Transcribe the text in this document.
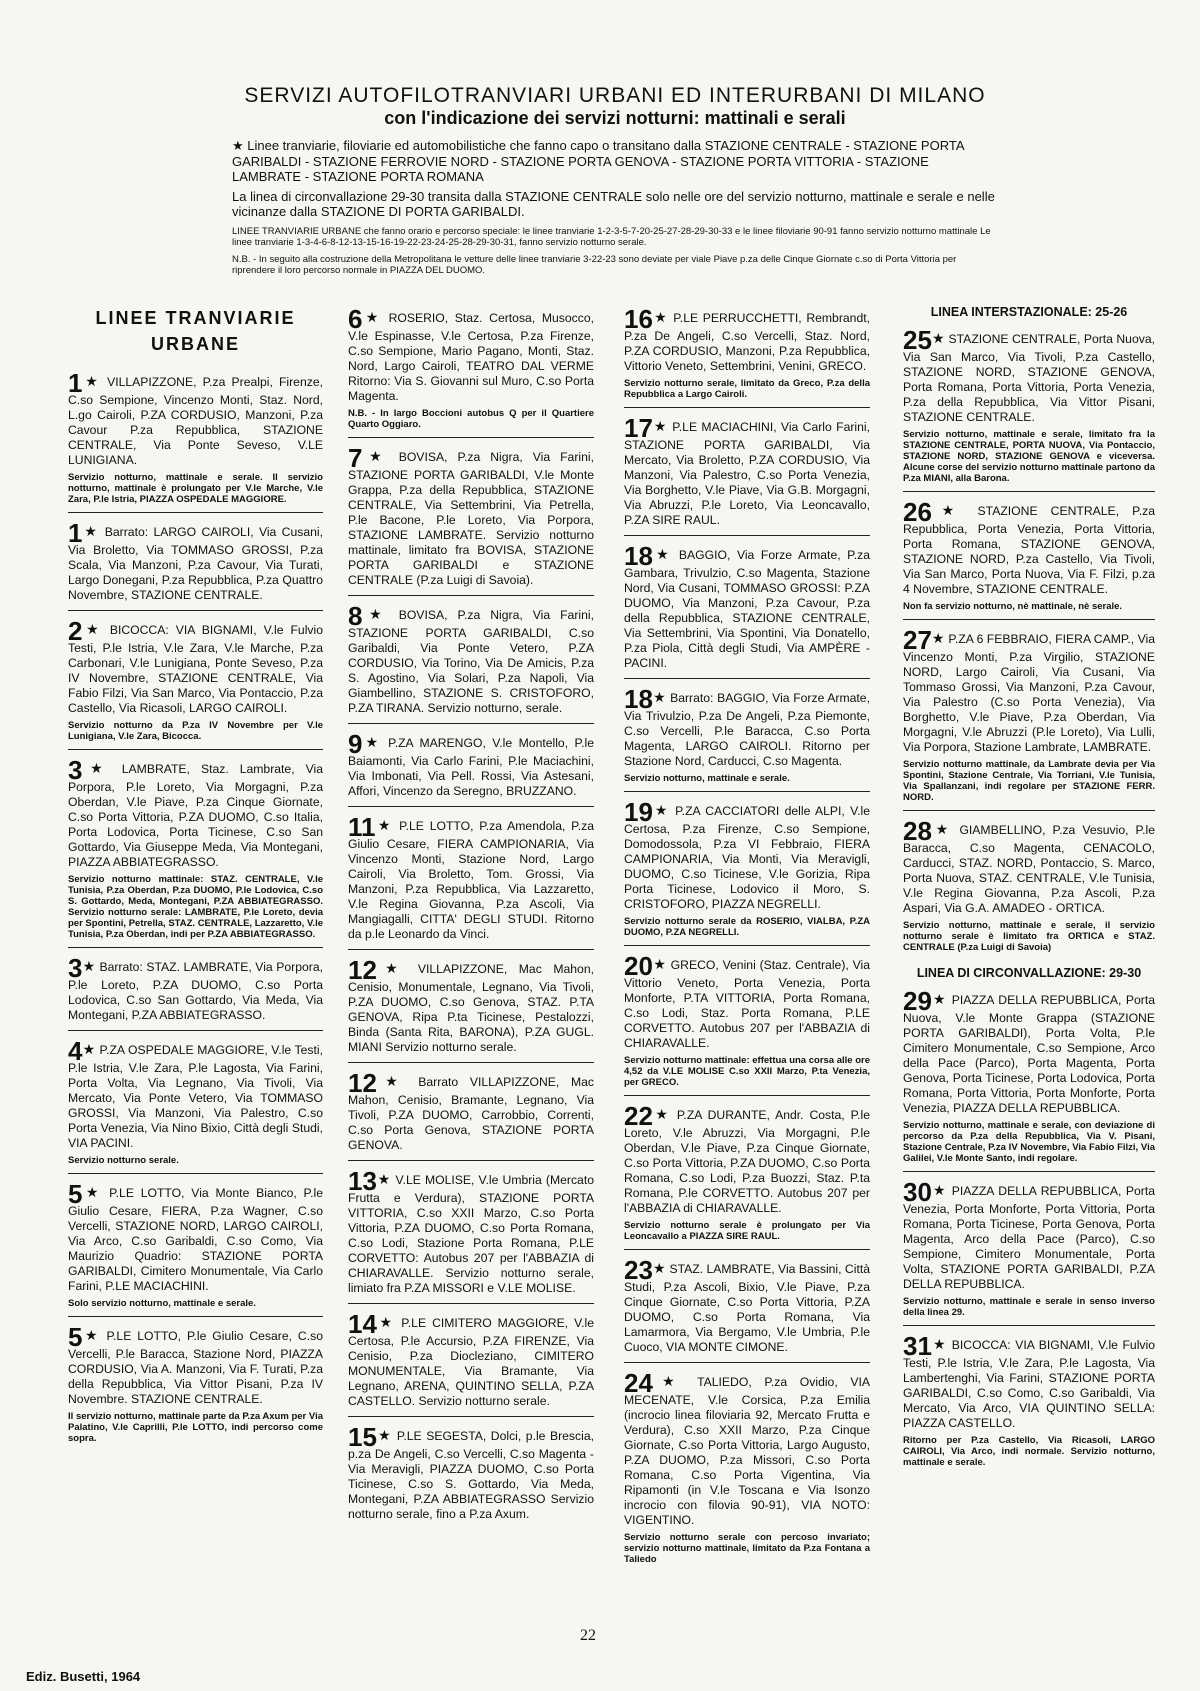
SERVIZI AUTOFILOTRANVIARI URBANI ED INTERURBANI DI MILANO
con l'indicazione dei servizi notturni: mattinali e serali

★ Linee tranviarie, filoviarie ed automobilistiche che fanno capo o transitano dalla STAZIONE CENTRALE - STAZIONE PORTA GARIBALDI - STAZIONE FERROVIE NORD - STAZIONE PORTA GENOVA - STAZIONE PORTA VITTORIA - STAZIONE LAMBRATE - STAZIONE PORTA ROMANA

La linea di circonvallazione 29-30 transita dalla STAZIONE CENTRALE solo nelle ore del servizio notturno, mattinale e serale e nelle vicinanze dalla STAZIONE DI PORTA GARIBALDI.

LINEE TRANVIARIE URBANE che fanno orario e percorso speciale: le linee tranviarie 1-2-3-5-7-20-25-27-28-29-30-33 e le linee filoviarie 90-91 fanno servizio notturno mattinale Le linee tranviarie 1-3-4-6-8-12-13-15-16-19-22-23-24-25-28-29-30-31, fanno servizio notturno serale.

N.B. - In seguito alla costruzione della Metropolitana le vetture delle linee tranviarie 3-22-23 sono deviate per viale Piave p.za delle Cinque Giornate c.so di Porta Vittoria per riprendere il loro percorso normale in PIAZZA DEL DUOMO.

LINEE TRANVIARIE URBANE
1★ VILLAPIZZONE, P.za Prealpi, Firenze, C.so Sempione, Vincenzo Monti, Staz. Nord, L.go Cairoli, P.ZA CORDUSIO, Manzoni, P.za Cavour P.za Repubblica, STAZIONE CENTRALE, Via Ponte Seveso, V.LE LUNIGIANA.
Servizio notturno, mattinale e serale. Il servizio notturno, mattinale è prolungato per V.le Marche, V.le Zara, P.le Istria, PIAZZA OSPEDALE MAGGIORE.
1★ Barrato: LARGO CAIROLI, Via Cusani, Via Broletto, Via TOMMASO GROSSI, P.za Scala, Via Manzoni, P.za Cavour, Via Turati, Largo Donegani, P.za Repubblica, P.za Quattro Novembre, STAZIONE CENTRALE.
2★ BICOCCA: VIA BIGNAMI, V.le Fulvio Testi, P.le Istria, V.le Zara, V.le Marche, P.za Carbonari, V.le Lunigiana, Ponte Seveso, P.za IV Novembre, STAZIONE CENTRALE, Via Fabio Filzi, Via San Marco, Via Pontaccio, P.za Castello, Via Ricasoli, LARGO CAIROLI.
Servizio notturno da P.za IV Novembre per V.le Lunigiana, V.le Zara, Bicocca.
3★ LAMBRATE, Staz. Lambrate, Via Porpora, P.le Loreto, Via Morgagni, P.za Oberdan, V.le Piave, P.za Cinque Giornate, C.so Porta Vittoria, P.ZA DUOMO, C.so Italia, Porta Lodovica, Porta Ticinese, C.so San Gottardo, Via Giuseppe Meda, Via Montegani, PIAZZA ABBIATEGRASSO.
Servizio notturno mattinale: STAZ. CENTRALE, V.le Tunisia, P.za Oberdan, P.za DUOMO, P.le Lodovica, C.so S. Gottardo, Meda, Montegani, P.ZA ABBIATEGRASSO. Servizio notturno serale: LAMBRATE, P.le Loreto, devia per Spontini, Petrella, STAZ. CENTRALE, Lazzaretto, V.le Tunisia, P.za Oberdan, indi per P.ZA ABBIATEGRASSO.
3★ Barrato: STAZ. LAMBRATE, Via Porpora, P.le Loreto, P.ZA DUOMO, C.so Porta Lodovica, C.so San Gottardo, Via Meda, Via Montegani, P.ZA ABBIATEGRASSO.
4★ P.ZA OSPEDALE MAGGIORE, V.le Testi, P.le Istria, V.le Zara, P.le Lagosta, Via Farini, Porta Volta, Via Legnano, Via Tivoli, Via Mercato, Via Ponte Vetero, Via TOMMASO GROSSI, Via Manzoni, Via Palestro, C.so Porta Venezia, Via Nino Bixio, Città degli Studi, VIA PACINI.
Servizio notturno serale.
5★ P.LE LOTTO, Via Monte Bianco, P.le Giulio Cesare, FIERA, P.za Wagner, C.so Vercelli, STAZIONE NORD, LARGO CAIROLI, Via Arco, C.so Garibaldi, C.so Como, Via Maurizio Quadrio: STAZIONE PORTA GARIBALDI, Cimitero Monumentale, Via Carlo Farini, P.LE MACIACHINI.
Solo servizio notturno, mattinale e serale.
5★ P.LE LOTTO, P.le Giulio Cesare, C.so Vercelli, P.le Baracca, Stazione Nord, PIAZZA CORDUSIO, Via A. Manzoni, Via F. Turati, P.za della Repubblica, Via Vittor Pisani, P.za IV Novembre. STAZIONE CENTRALE.
Il servizio notturno, mattinale parte da P.za Axum per Via Palatino, V.le Caprilli, P.le LOTTO, indi percorso come sopra.
6★ ROSERIO, Staz. Certosa, Musocco, V.le Espinasse, V.le Certosa, P.za Firenze, C.so Sempione, Mario Pagano, Monti, Staz. Nord, Largo Cairoli, TEATRO DAL VERME Ritorno: Via S. Giovanni sul Muro, C.so Porta Magenta.
N.B. - In largo Boccioni autobus Q per il Quartiere Quarto Oggiaro.
7★ BOVISA, P.za Nigra, Via Farini, STAZIONE PORTA GARIBALDI, V.le Monte Grappa, P.za della Repubblica, STAZIONE CENTRALE, Via Settembrini, Via Petrella, P.le Bacone, P.le Loreto, Via Porpora, STAZIONE LAMBRATE. Servizio notturno mattinale, limitato fra BOVISA, STAZIONE PORTA GARIBALDI e STAZIONE CENTRALE (P.za Luigi di Savoia).
8★ BOVISA, P.za Nigra, Via Farini, STAZIONE PORTA GARIBALDI, C.so Garibaldi, Via Ponte Vetero, P.ZA CORDUSIO, Via Torino, Via De Amicis, P.za S. Agostino, Via Solari, P.za Napoli, Via Giambellino, STAZIONE S. CRISTOFORO, P.ZA TIRANA. Servizio notturno, serale.
9★ P.ZA MARENGO, V.le Montello, P.le Baiamonti, Via Carlo Farini, P.le Maciachini, Via Imbonati, Via Pell. Rossi, Via Astesani, Affori, Vincenzo da Seregno, BRUZZANO.
11★ P.LE LOTTO, P.za Amendola, P.za Giulio Cesare, FIERA CAMPIONARIA, Via Vincenzo Monti, Stazione Nord, Largo Cairoli, Via Broletto, Tom. Grossi, Via Manzoni, P.za Repubblica, Via Lazzaretto, V.le Regina Giovanna, P.za Ascoli, Via Mangiagalli, CITTA' DEGLI STUDI. Ritorno da p.le Leonardo da Vinci.
12★ VILLAPIZZONE, Mac Mahon, Cenisio, Monumentale, Legnano, Via Tivoli, P.ZA DUOMO, C.so Genova, STAZ. P.TA GENOVA, Ripa P.ta Ticinese, Pestalozzi, Binda (Santa Rita, BARONA), P.ZA GUGL. MIANI Servizio notturno serale.
12★ Barrato VILLAPIZZONE, Mac Mahon, Cenisio, Bramante, Legnano, Via Tivoli, P.ZA DUOMO, Carrobbio, Correnti, C.so Porta Genova, STAZIONE PORTA GENOVA.
13★ V.LE MOLISE, V.le Umbria (Mercato Frutta e Verdura), STAZIONE PORTA VITTORIA, C.so XXII Marzo, C.so Porta Vittoria, P.ZA DUOMO, C.so Porta Romana, C.so Lodi, Stazione Porta Romana, P.LE CORVETTO: Autobus 207 per l'ABBAZIA di CHIARAVALLE. Servizio notturno serale, limiato fra P.ZA MISSORI e V.LE MOLISE.
14★ P.LE CIMITERO MAGGIORE, V.le Certosa, P.le Accursio, P.ZA FIRENZE, Via Cenisio, P.za Diocleziano, CIMITERO MONUMENTALE, Via Bramante, Via Legnano, ARENA, QUINTINO SELLA, P.ZA CASTELLO. Servizio notturno serale.
15★ P.LE SEGESTA, Dolci, p.le Brescia, p.za De Angeli, C.so Vercelli, C.so Magenta - Via Meravigli, PIAZZA DUOMO, C.so Porta Ticinese, C.so S. Gottardo, Via Meda, Montegani, P.ZA ABBIATEGRASSO Servizio notturno serale, fino a P.za Axum.
16★ P.LE PERRUCCHETTI, Rembrandt, P.za De Angeli, C.so Vercelli, Staz. Nord, P.ZA CORDUSIO, Manzoni, P.za Repubblica, Vittorio Veneto, Settembrini, Venini, GRECO.
Servizio notturno serale, limitato da Greco, P.za della Repubblica a Largo Cairoli.
17★ P.LE MACIACHINI, Via Carlo Farini, STAZIONE PORTA GARIBALDI, Via Mercato, Via Broletto, P.ZA CORDUSIO, Via Manzoni, Via Palestro, C.so Porta Venezia, Via Borghetto, V.le Piave, Via G.B. Morgagni, Via Abruzzi, P.le Loreto, Via Leoncavallo, P.ZA SIRE RAUL.
18★ BAGGIO, Via Forze Armate, P.za Gambara, Trivulzio, C.so Magenta, Stazione Nord, Via Cusani, TOMMASO GROSSI: P.ZA DUOMO, Via Manzoni, P.za Cavour, P.za della Repubblica, STAZIONE CENTRALE, Via Settembrini, Via Spontini, Via Donatello, P.za Piola, Città degli Studi, Via AMPÈRE - PACINI.
18★ Barrato: BAGGIO, Via Forze Armate, Via Trivulzio, P.za De Angeli, P.za Piemonte, C.so Vercelli, P.le Baracca, C.so Porta Magenta, LARGO CAIROLI. Ritorno per Stazione Nord, Carducci, C.so Magenta.
Servizio notturno, mattinale e serale.
19★ P.ZA CACCIATORI delle ALPI, V.le Certosa, P.za Firenze, C.so Sempione, Domodossola, P.za VI Febbraio, FIERA CAMPIONARIA, Via Monti, Via Meravigli, DUOMO, C.so Ticinese, V.le Gorizia, Ripa Porta Ticinese, Lodovico il Moro, S. CRISTOFORO, PIAZZA NEGRELLI.
Servizio notturno serale da ROSERIO, VIALBA, P.ZA DUOMO, P.ZA NEGRELLI.
20★ GRECO, Venini (Staz. Centrale), Via Vittorio Veneto, Porta Venezia, Porta Monforte, P.TA VITTORIA, Porta Romana, C.so Lodi, Staz. Porta Romana, P.LE CORVETTO. Autobus 207 per l'ABBAZIA di CHIARAVALLE.
Servizio notturno mattinale: effettua una corsa alle ore 4,52 da V.LE MOLISE C.so XXII Marzo, P.ta Venezia, per GRECO.
22★ P.ZA DURANTE, Andr. Costa, P.le Loreto, V.le Abruzzi, Via Morgagni, P.le Oberdan, V.le Piave, P.za Cinque Giornate, C.so Porta Vittoria, P.ZA DUOMO, C.so Porta Romana, C.so Lodi, P.za Buozzi, Staz. P.ta Romana, P.le CORVETTO. Autobus 207 per l'ABBAZIA di CHIARAVALLE.
Servizio notturno serale è prolungato per Via Leoncavallo a PIAZZA SIRE RAUL.
23★ STAZ. LAMBRATE, Via Bassini, Città Studi, P.za Ascoli, Bixio, V.le Piave, P.za Cinque Giornate, C.so Porta Vittoria, P.ZA DUOMO, C.so Porta Romana, Via Lamarmora, Via Bergamo, V.le Umbria, P.le Cuoco, VIA MONTE CIMONE.
24★ TALIEDO, P.za Ovidio, VIA MECENATE, V.le Corsica, P.za Emilia (incrocio linea filoviaria 92, Mercato Frutta e Verdura), C.so XXII Marzo, P.za Cinque Giornate, C.so Porta Vittoria, Largo Augusto, P.ZA DUOMO, P.za Missori, C.so Porta Romana, C.so Porta Vigentina, Via Ripamonti (in V.le Toscana e Via Isonzo incrocio con filovia 90-91), VIA NOTO: VIGENTINO.
Servizio notturno serale con percoso invariato; servizio notturno mattinale, limitato da P.za Fontana a Taliedo
LINEA INTERSTAZIONALE: 25-26
25★ STAZIONE CENTRALE, Porta Nuova, Via San Marco, Via Tivoli, P.za Castello, STAZIONE NORD, STAZIONE GENOVA, Porta Romana, Porta Vittoria, Porta Venezia, P.za della Repubblica, Via Vittor Pisani, STAZIONE CENTRALE.
Servizio notturno, mattinale e serale, limitato fra la STAZIONE CENTRALE, PORTA NUOVA, Via Pontaccio, STAZIONE NORD, STAZIONE GENOVA e viceversa. Alcune corse del servizio notturno mattinale partono da P.za MIANI, alla Barona.
26★ STAZIONE CENTRALE, P.za Repubblica, Porta Venezia, Porta Vittoria, Porta Romana, STAZIONE GENOVA, STAZIONE NORD, P.za Castello, Via Tivoli, Via San Marco, Porta Nuova, Via F. Filzi, p.za 4 Novembre, STAZIONE CENTRALE.
Non fa servizio notturno, nè mattinale, nè serale.
27★ P.ZA 6 FEBBRAIO, FIERA CAMP., Via Vincenzo Monti, P.za Virgilio, STAZIONE NORD, Largo Cairoli, Via Cusani, Via Tommaso Grossi, Via Manzoni, P.za Cavour, Via Palestro (C.so Porta Venezia), Via Borghetto, V.le Piave, P.za Oberdan, Via Morgagni, V.le Abruzzi (P.le Loreto), Via Lulli, Via Porpora, Stazione Lambrate, LAMBRATE.
Servizio notturno mattinale, da Lambrate devia per Via Spontini, Stazione Centrale, Via Torriani, V.le Tunisia, Via Spallanzani, indi regolare per STAZIONE FERR. NORD.
28★ GIAMBELLINO, P.za Vesuvio, P.le Baracca, C.so Magenta, CENACOLO, Carducci, STAZ. NORD, Pontaccio, S. Marco, Porta Nuova, STAZ. CENTRALE, V.le Tunisia, V.le Regina Giovanna, P.za Ascoli, P.za Aspari, Via G.A. AMADEO - ORTICA.
Servizio notturno, mattinale e serale, il servizio notturno serale è limitato fra ORTICA e STAZ. CENTRALE (P.za Luigi di Savoia)
LINEA DI CIRCONVALLAZIONE: 29-30
29★ PIAZZA DELLA REPUBBLICA, Porta Nuova, V.le Monte Grappa (STAZIONE PORTA GARIBALDI), Porta Volta, P.le Cimitero Monumentale, C.so Sempione, Arco della Pace (Parco), Porta Magenta, Porta Genova, Porta Ticinese, Porta Lodovica, Porta Romana, Porta Vittoria, Porta Monforte, Porta Venezia, PIAZZA DELLA REPUBBLICA.
Servizio notturno, mattinale e serale, con deviazione di percorso da P.za della Repubblica, Via V. Pisani, Stazione Centrale, P.za IV Novembre, Via Fabio Filzi, Via Galilei, V.le Monte Santo, indi regolare.
30★ PIAZZA DELLA REPUBBLICA, Porta Venezia, Porta Monforte, Porta Vittoria, Porta Romana, Porta Ticinese, Porta Genova, Porta Magenta, Arco della Pace (Parco), C.so Sempione, Cimitero Monumentale, Porta Volta, STAZIONE PORTA GARIBALDI, P.ZA DELLA REPUBBLICA.
Servizio notturno, mattinale e serale in senso inverso della linea 29.
31★ BICOCCA: VIA BIGNAMI, V.le Fulvio Testi, P.le Istria, V.le Zara, P.le Lagosta, Via Lambertenghi, Via Farini, STAZIONE PORTA GARIBALDI, C.so Como, C.so Garibaldi, Via Mercato, Via Arco, VIA QUINTINO SELLA: PIAZZA CASTELLO.
Ritorno per P.za Castello, Via Ricasoli, LARGO CAIROLI, Via Arco, indi normale. Servizio notturno, mattinale e serale.
22
Ediz. Busetti, 1964
